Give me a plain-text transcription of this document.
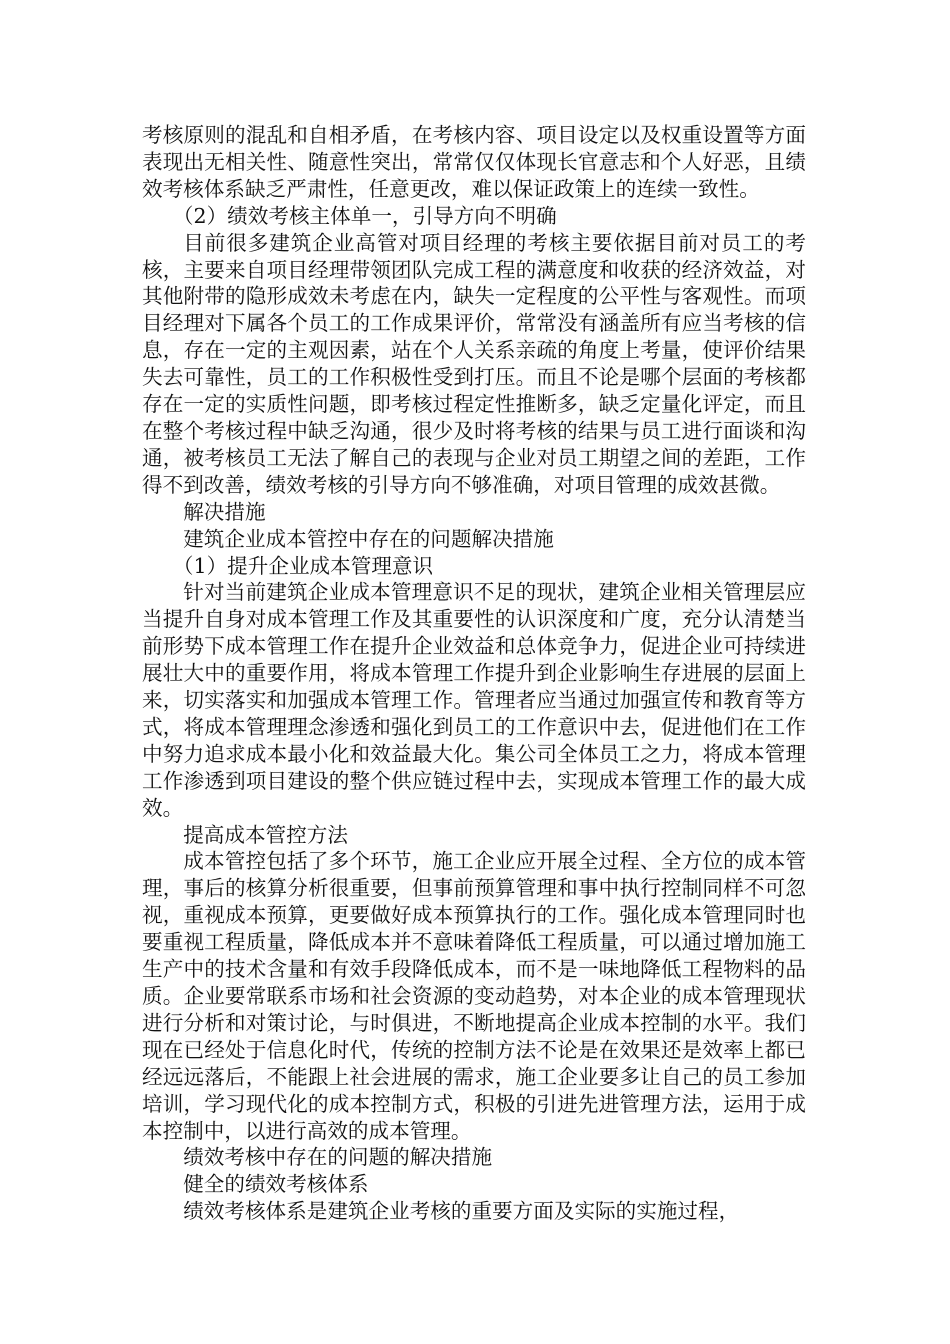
考核原则的混乱和自相矛盾，在考核内容、项目设定以及权重设置等方面表现出无相关性、随意性突出，常常仅仅体现长官意志和个人好恶，且绩效考核体系缺乏严肃性，任意更改，难以保证政策上的连续一致性。

（2）绩效考核主体单一，引导方向不明确

目前很多建筑企业高管对项目经理的考核主要依据目前对员工的考核，主要来自项目经理带领团队完成工程的满意度和收获的经济效益，对其他附带的隐形成效未考虑在内，缺失一定程度的公平性与客观性。而项目经理对下属各个员工的工作成果评价，常常没有涵盖所有应当考核的信息，存在一定的主观因素，站在个人关系亲疏的角度上考量，使评价结果失去可靠性，员工的工作积极性受到打压。而且不论是哪个层面的考核都存在一定的实质性问题，即考核过程定性推断多，缺乏定量化评定，而且在整个考核过程中缺乏沟通，很少及时将考核的结果与员工进行面谈和沟通，被考核员工无法了解自己的表现与企业对员工期望之间的差距，工作得不到改善，绩效考核的引导方向不够准确，对项目管理的成效甚微。

解决措施

建筑企业成本管控中存在的问题解决措施

（1）提升企业成本管理意识

针对当前建筑企业成本管理意识不足的现状，建筑企业相关管理层应当提升自身对成本管理工作及其重要性的认识深度和广度，充分认清楚当前形势下成本管理工作在提升企业效益和总体竞争力，促进企业可持续进展壮大中的重要作用，将成本管理工作提升到企业影响生存进展的层面上来，切实落实和加强成本管理工作。管理者应当通过加强宣传和教育等方式，将成本管理理念渗透和强化到员工的工作意识中去，促进他们在工作中努力追求成本最小化和效益最大化。集公司全体员工之力，将成本管理工作渗透到项目建设的整个供应链过程中去，实现成本管理工作的最大成效。

提高成本管控方法

成本管控包括了多个环节，施工企业应开展全过程、全方位的成本管理，事后的核算分析很重要，但事前预算管理和事中执行控制同样不可忽视，重视成本预算，更要做好成本预算执行的工作。强化成本管理同时也要重视工程质量，降低成本并不意味着降低工程质量，可以通过增加施工生产中的技术含量和有效手段降低成本，而不是一味地降低工程物料的品质。企业要常联系市场和社会资源的变动趋势，对本企业的成本管理现状进行分析和对策讨论，与时俱进，不断地提高企业成本控制的水平。我们现在已经处于信息化时代，传统的控制方法不论是在效果还是效率上都已经远远落后，不能跟上社会进展的需求，施工企业要多让自己的员工参加培训，学习现代化的成本控制方式，积极的引进先进管理方法，运用于成本控制中，以进行高效的成本管理。

绩效考核中存在的问题的解决措施

健全的绩效考核体系

绩效考核体系是建筑企业考核的重要方面及实际的实施过程，
